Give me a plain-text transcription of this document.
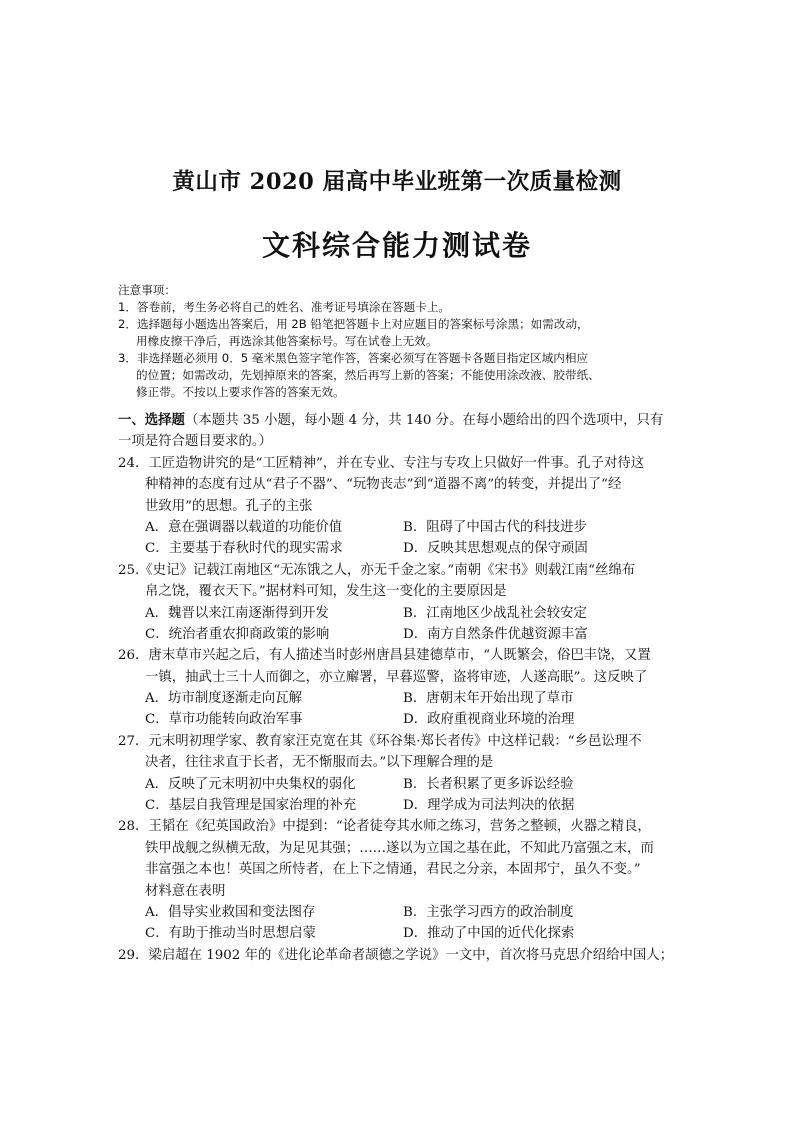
黄山市 2020 届高中毕业班第一次质量检测
文科综合能力测试卷
注意事项：
1．答卷前，考生务必将自己的姓名、准考证号填涂在答题卡上。
2．选择题每小题选出答案后，用 2B 铅笔把答题卡上对应题目的答案标号涂黑；如需改动，
用橡皮擦干净后，再选涂其他答案标号。写在试卷上无效。
3．非选择题必须用 0．5 毫米黑色签字笔作答，答案必须写在答题卡各题目指定区域内相应
的位置；如需改动，先划掉原来的答案，然后再写上新的答案；不能使用涂改液、胶带纸、
修正带。不按以上要求作答的答案无效。
一、选择题（本题共 35 小题，每小题 4 分，共 140 分。在每小题给出的四个选项中，只有
一项是符合题目要求的。）
24．工匠造物讲究的是“工匠精神”，并在专业、专注与专攻上只做好一件事。孔子对待这
种精神的态度有过从“君子不器”、“玩物丧志”到“道器不离”的转变，并提出了“经
世致用”的思想。孔子的主张
A．意在强调器以载道的功能价值	B．阻碍了中国古代的科技进步
C．主要基于春秋时代的现实需求	D．反映其思想观点的保守顽固
25.《史记》记载江南地区“无冻饿之人，亦无千金之家。”南朝《宋书》则载江南“丝绵布
帛之饶，覆衣天下。”据材料可知，发生这一变化的主要原因是
A．魏晋以来江南逐渐得到开发	B．江南地区少战乱社会较安定
C．统治者重农抑商政策的影响	D．南方自然条件优越资源丰富
26．唐末草市兴起之后，有人描述当时彭州唐昌县建德草市，“人既繁会，俗巴丰饶，又置
一镇，抽武士三十人而御之，亦立廨署，早暮巡警，盗将审迹，人遂高眠”。这反映了
A．坊市制度逐渐走向瓦解	B．唐朝末年开始出现了草市
C．草市功能转向政治军事	D．政府重视商业环境的治理
27．元末明初理学家、教育家汪克宽在其《环谷集·郑长者传》中这样记载：“乡邑讼理不
决者，往往求直于长者，无不惭服而去。”以下理解合理的是
A．反映了元末明初中央集权的弱化	B．长者积累了更多诉讼经验
C．基层自我管理是国家治理的补充	D．理学成为司法判决的依据
28．王韬在《纪英国政治》中提到：“论者徒夸其水师之练习，营务之整顿，火器之精良，
铁甲战舰之纵横无敌，为足见其强；……遂以为立国之基在此，不知此乃富强之末，而
非富强之本也！英国之所恃者，在上下之情通，君民之分亲，本固邦宁，虽久不变。”
材料意在表明
A．倡导实业救国和变法图存	B．主张学习西方的政治制度
C．有助于推动当时思想启蒙	D．推动了中国的近代化探索
29．梁启超在 1902 年的《进化论革命者颉德之学说》一文中，首次将马克思介绍给中国人；
